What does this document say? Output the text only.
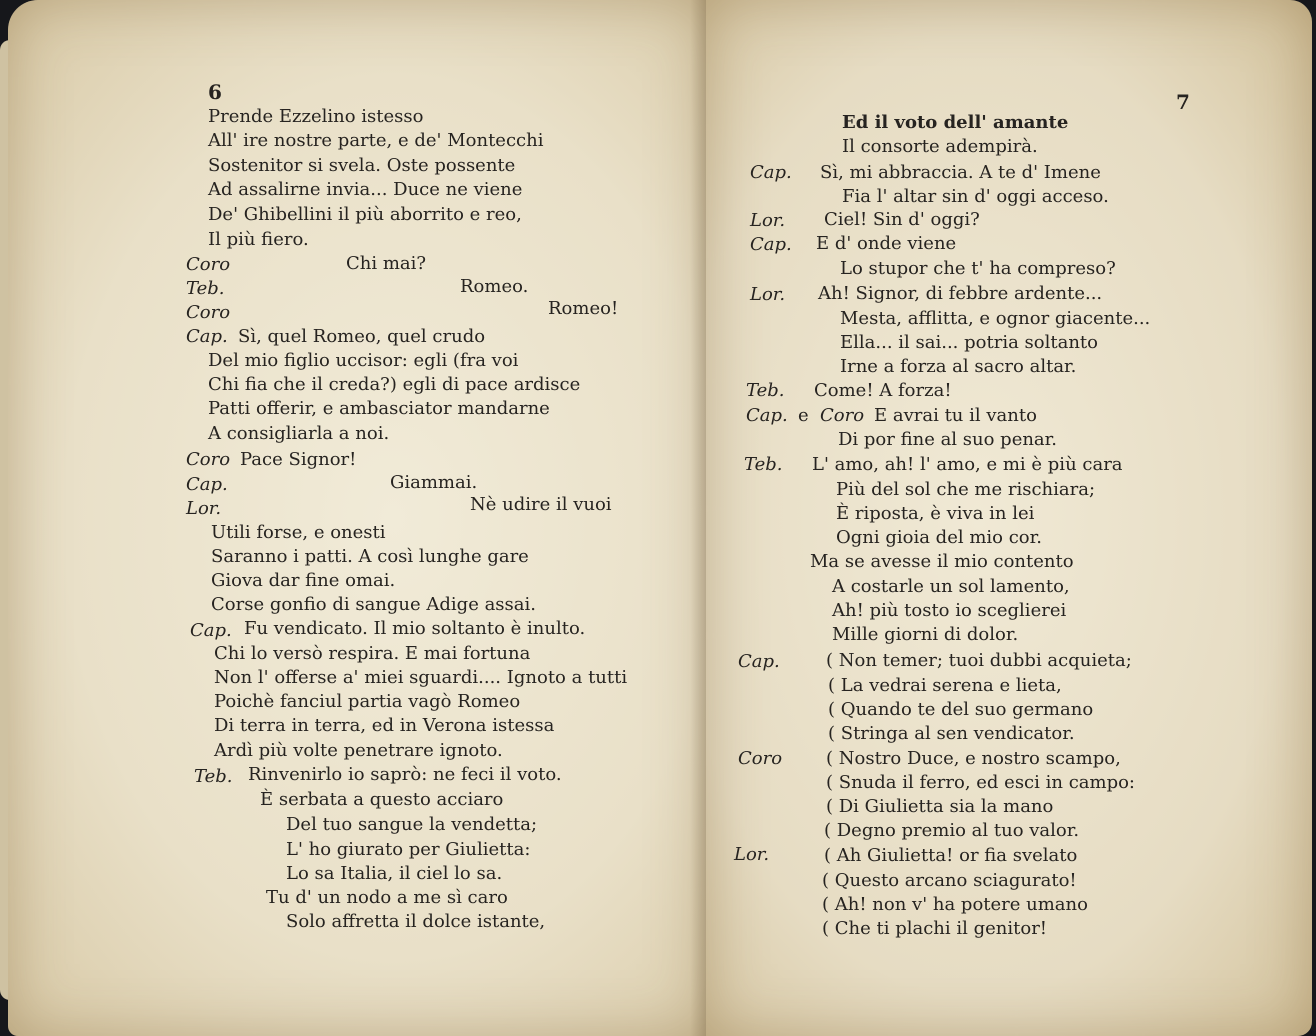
6
Prende Ezzelino istesso
All' ire nostre parte, e de' Montecchi
Sostenitor si svela. Oste possente
Ad assalirne invia... Duce ne viene
De' Ghibellini il più aborrito e reo,
Il più fiero.
Coro	Chi mai?
Teb.	Romeo.
Coro	Romeo!
Cap. Sì, quel Romeo, quel crudo
Del mio figlio uccisor: egli (fra voi
Chi fia che il creda?) egli di pace ardisce
Patti offerir, e ambasciator mandarne
A consigliarla a noi.
Coro Pace Signor!
Cap.	Giammai.
Lor.	Nè udire il vuoi
Utili forse, e onesti
Saranno i patti. A così lunghe gare
Giova dar fine omai.
Corse gonfio di sangue Adige assai.
Cap. Fu vendicato. Il mio soltanto è inulto.
Chi lo versò respira. E mai fortuna
Non l' offerse a' miei sguardi.... Ignoto a tutti
Poichè fanciul partia vagò Romeo
Di terra in terra, ed in Verona istessa
Ardì più volte penetrare ignoto.
Teb. Rinvenirlo io saprò: ne feci il voto.
È serbata a questo acciaro
Del tuo sangue la vendetta;
L' ho giurato per Giulietta:
Lo sa Italia, il ciel lo sa.
Tu d' un nodo a me sì caro
Solo affretta il dolce istante,
7
Ed il voto dell' amante
Il consorte adempirà.
Cap. Sì, mi abbraccia. A te d' Imene
Fia l' altar sin d' oggi acceso.
Lor. Ciel! Sin d' oggi?
Cap. E d' onde viene
Lo stupor che t' ha compreso?
Lor. Ah! Signor, di febbre ardente...
Mesta, afflitta, e ognor giacente...
Ella... il sai... potria soltanto
Irne a forza al sacro altar.
Teb. Come! A forza!
Cap. e Coro E avrai tu il vanto
Di por fine al suo penar.
Teb. L' amo, ah! l' amo, e mi è più cara
Più del sol che me rischiara;
È riposta, è viva in lei
Ogni gioia del mio cor.
Ma se avesse il mio contento
A costarle un sol lamento,
Ah! più tosto io sceglierei
Mille giorni di dolor.
Cap.	( Non temer; tuoi dubbi acquieta;
( La vedrai serena e lieta,
( Quando te del suo germano
( Stringa al sen vendicator.
Coro ( Nostro Duce, e nostro scampo,
( Snuda il ferro, ed esci in campo:
( Di Giulietta sia la mano
( Degno premio al tuo valor.
Lor.	( Ah Giulietta! or fia svelato
( Questo arcano sciagurato!
( Ah! non v' ha potere umano
( Che ti plachi il genitor!
